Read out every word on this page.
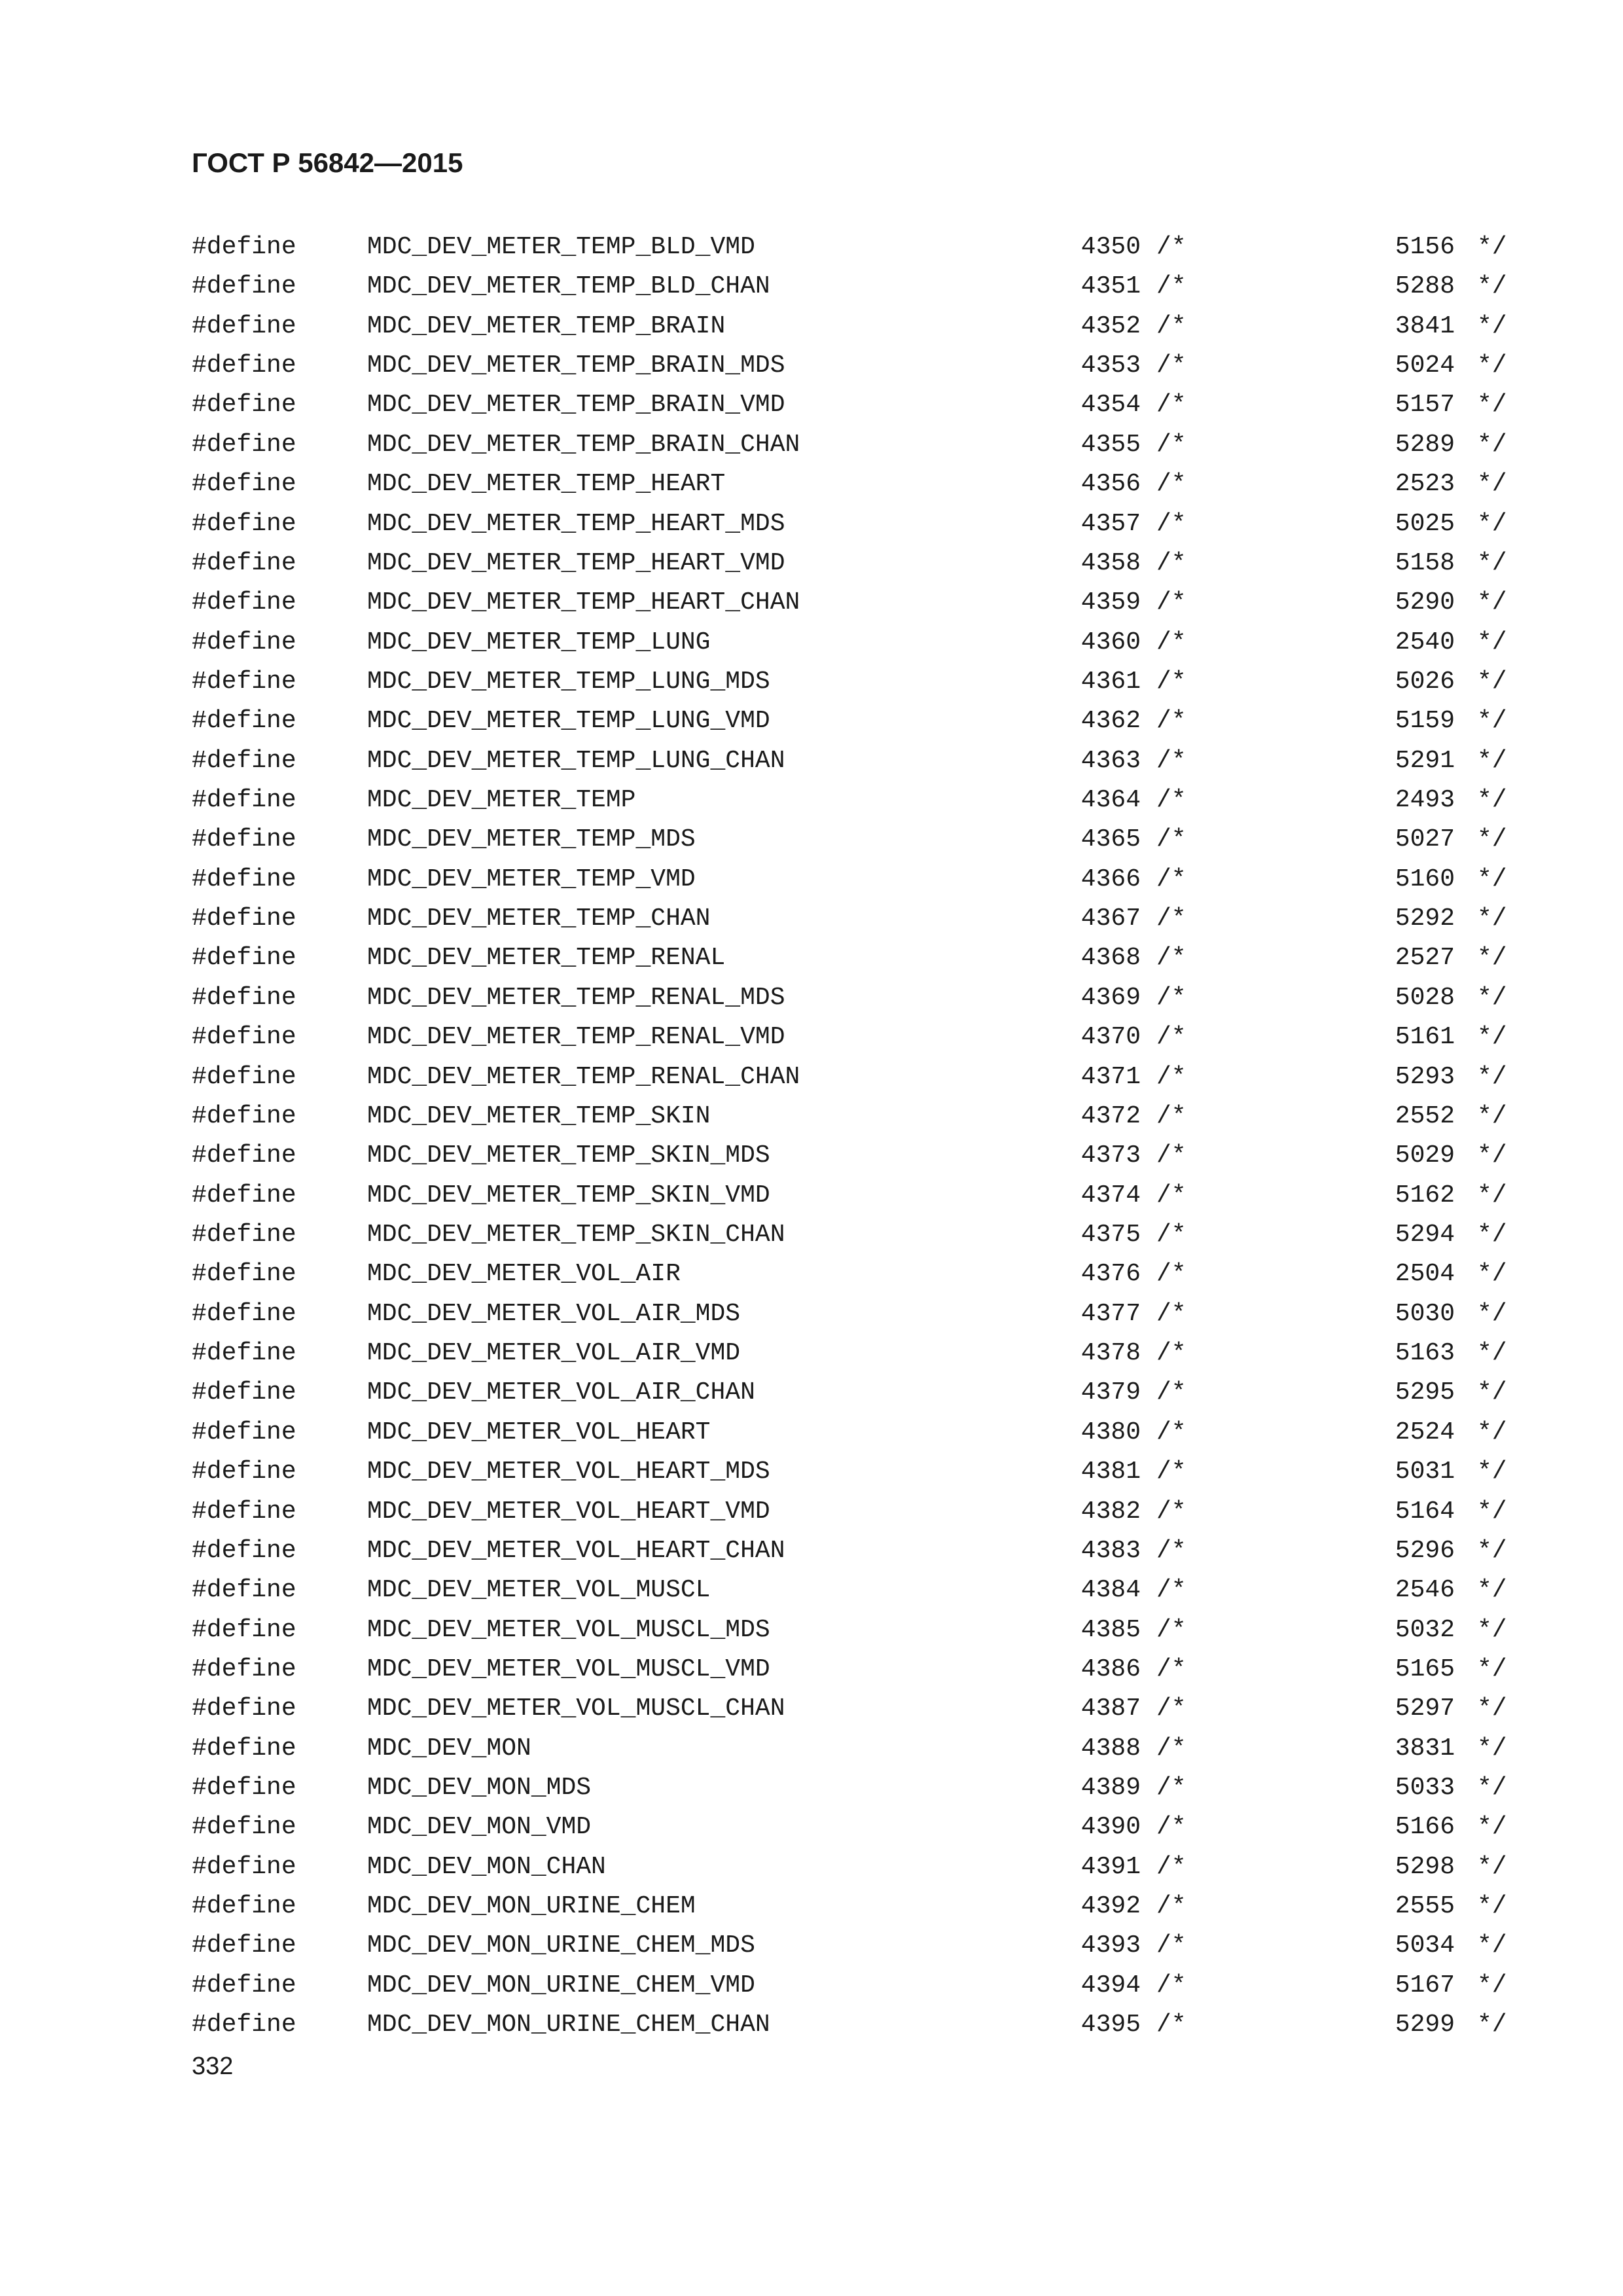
ГОСТ Р 56842—2015
#define	MDC_DEV_METER_TEMP_BLD_VMD	4350 /*	5156 */
#define	MDC_DEV_METER_TEMP_BLD_CHAN	4351 /*	5288 */
#define	MDC_DEV_METER_TEMP_BRAIN	4352 /*	3841 */
#define	MDC_DEV_METER_TEMP_BRAIN_MDS	4353 /*	5024 */
#define	MDC_DEV_METER_TEMP_BRAIN_VMD	4354 /*	5157 */
#define	MDC_DEV_METER_TEMP_BRAIN_CHAN	4355 /*	5289 */
#define	MDC_DEV_METER_TEMP_HEART	4356 /*	2523 */
#define	MDC_DEV_METER_TEMP_HEART_MDS	4357 /*	5025 */
#define	MDC_DEV_METER_TEMP_HEART_VMD	4358 /*	5158 */
#define	MDC_DEV_METER_TEMP_HEART_CHAN	4359 /*	5290 */
#define	MDC_DEV_METER_TEMP_LUNG	4360 /*	2540 */
#define	MDC_DEV_METER_TEMP_LUNG_MDS	4361 /*	5026 */
#define	MDC_DEV_METER_TEMP_LUNG_VMD	4362 /*	5159 */
#define	MDC_DEV_METER_TEMP_LUNG_CHAN	4363 /*	5291 */
#define	MDC_DEV_METER_TEMP	4364 /*	2493 */
#define	MDC_DEV_METER_TEMP_MDS	4365 /*	5027 */
#define	MDC_DEV_METER_TEMP_VMD	4366 /*	5160 */
#define	MDC_DEV_METER_TEMP_CHAN	4367 /*	5292 */
#define	MDC_DEV_METER_TEMP_RENAL	4368 /*	2527 */
#define	MDC_DEV_METER_TEMP_RENAL_MDS	4369 /*	5028 */
#define	MDC_DEV_METER_TEMP_RENAL_VMD	4370 /*	5161 */
#define	MDC_DEV_METER_TEMP_RENAL_CHAN	4371 /*	5293 */
#define	MDC_DEV_METER_TEMP_SKIN	4372 /*	2552 */
#define	MDC_DEV_METER_TEMP_SKIN_MDS	4373 /*	5029 */
#define	MDC_DEV_METER_TEMP_SKIN_VMD	4374 /*	5162 */
#define	MDC_DEV_METER_TEMP_SKIN_CHAN	4375 /*	5294 */
#define	MDC_DEV_METER_VOL_AIR	4376 /*	2504 */
#define	MDC_DEV_METER_VOL_AIR_MDS	4377 /*	5030 */
#define	MDC_DEV_METER_VOL_AIR_VMD	4378 /*	5163 */
#define	MDC_DEV_METER_VOL_AIR_CHAN	4379 /*	5295 */
#define	MDC_DEV_METER_VOL_HEART	4380 /*	2524 */
#define	MDC_DEV_METER_VOL_HEART_MDS	4381 /*	5031 */
#define	MDC_DEV_METER_VOL_HEART_VMD	4382 /*	5164 */
#define	MDC_DEV_METER_VOL_HEART_CHAN	4383 /*	5296 */
#define	MDC_DEV_METER_VOL_MUSCL	4384 /*	2546 */
#define	MDC_DEV_METER_VOL_MUSCL_MDS	4385 /*	5032 */
#define	MDC_DEV_METER_VOL_MUSCL_VMD	4386 /*	5165 */
#define	MDC_DEV_METER_VOL_MUSCL_CHAN	4387 /*	5297 */
#define	MDC_DEV_MON	4388 /*	3831 */
#define	MDC_DEV_MON_MDS	4389 /*	5033 */
#define	MDC_DEV_MON_VMD	4390 /*	5166 */
#define	MDC_DEV_MON_CHAN	4391 /*	5298 */
#define	MDC_DEV_MON_URINE_CHEM	4392 /*	2555 */
#define	MDC_DEV_MON_URINE_CHEM_MDS	4393 /*	5034 */
#define	MDC_DEV_MON_URINE_CHEM_VMD	4394 /*	5167 */
#define	MDC_DEV_MON_URINE_CHEM_CHAN	4395 /*	5299 */
332
